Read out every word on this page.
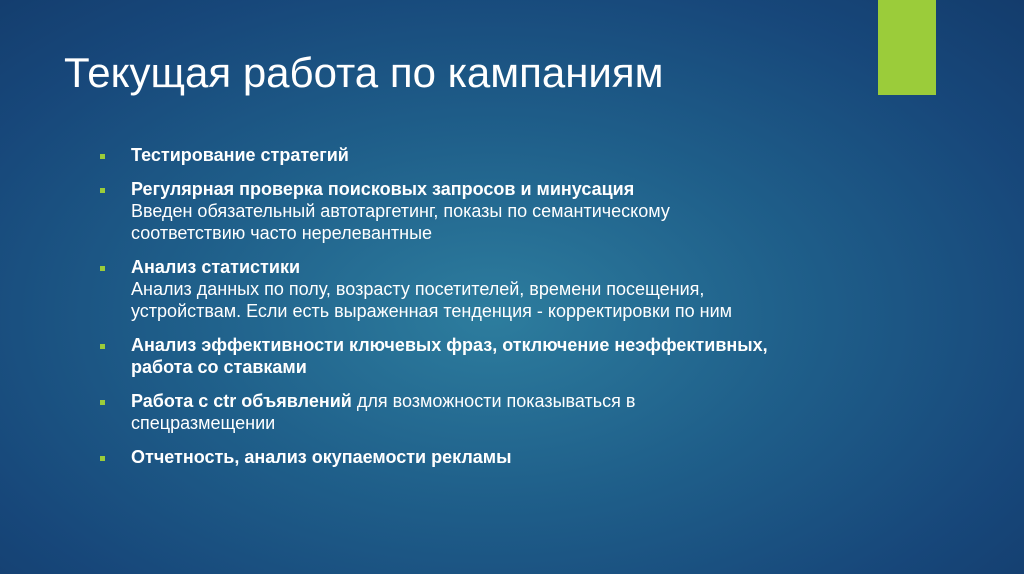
Текущая работа по кампаниям
Тестирование стратегий
Регулярная проверка поисковых запросов и минусация
Введен обязательный автотаргетинг, показы по семантическому
соответствию часто нерелевантные
Анализ статистики
Анализ данных по полу, возрасту посетителей, времени посещения,
устройствам. Если есть выраженная тенденция - корректировки по ним
Анализ эффективности ключевых фраз, отключение неэффективных,
работа со ставками
Работа с ctr объявлений для возможности показываться в
спецразмещении
Отчетность, анализ окупаемости рекламы
